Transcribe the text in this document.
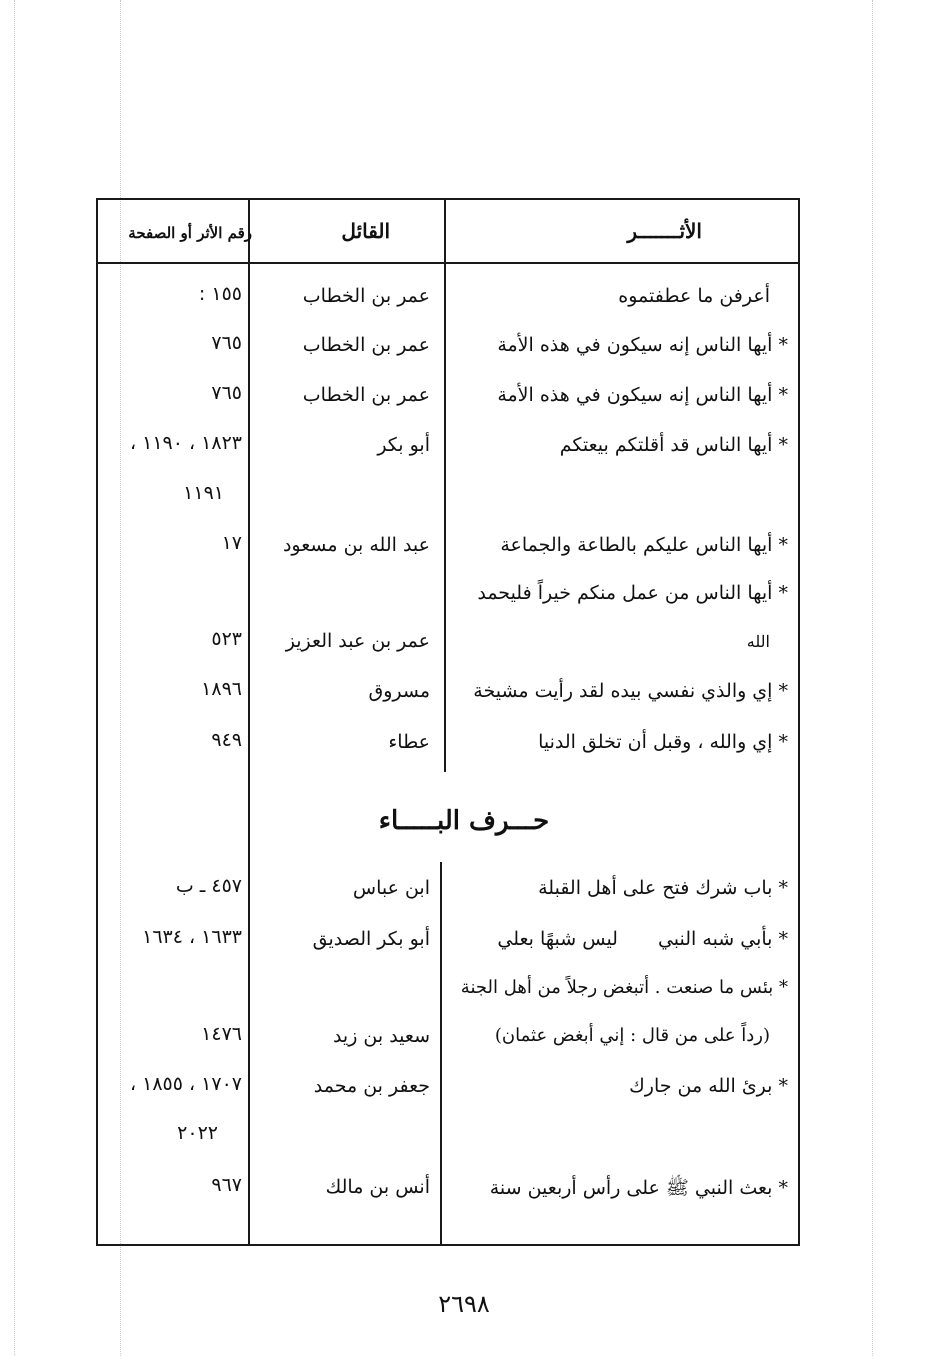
الأثـــــــر
القائل
رقم الأثر أو الصفحة
أعرفن ما عطفتموه
عمر بن الخطاب
١٥٥ :
* أيها الناس إنه سيكون في هذه الأمة
عمر بن الخطاب
٧٦٥
* أيها الناس إنه سيكون في هذه الأمة
عمر بن الخطاب
٧٦٥
* أيها الناس قد أقلتكم بيعتكم
أبو بكر
١٨٢٣ ، ١١٩٠ ،
١١٩١
* أيها الناس عليكم بالطاعة والجماعة
عبد الله بن مسعود
١٧
* أيها الناس من عمل منكم خيراً فليحمد
الله
عمر بن عبد العزيز
٥٢٣
* إي والذي نفسي بيده لقد رأيت مشيخة
مسروق
١٨٩٦
* إي والله ، وقبل أن تخلق الدنيا
عطاء
٩٤٩
حـــرف البـــــاء
* باب شرك فتح على أهل القبلة
ابن عباس
٤٥٧ ـ ب
* بأبي شبه النبيليس شبهًا بعلي
أبو بكر الصديق
١٦٣٣ ، ١٦٣٤
* بئس ما صنعت . أتبغض رجلاً من أهل الجنة
(رداً على من قال : إني أبغض عثمان)
سعيد بن زيد
١٤٧٦
* برئ الله من جارك
جعفر بن محمد
١٧٠٧ ، ١٨٥٥ ،
٢٠٢٢
* بعث النبي ﷺ على رأس أربعين سنة
أنس بن مالك
٩٦٧
٢٦٩٨
